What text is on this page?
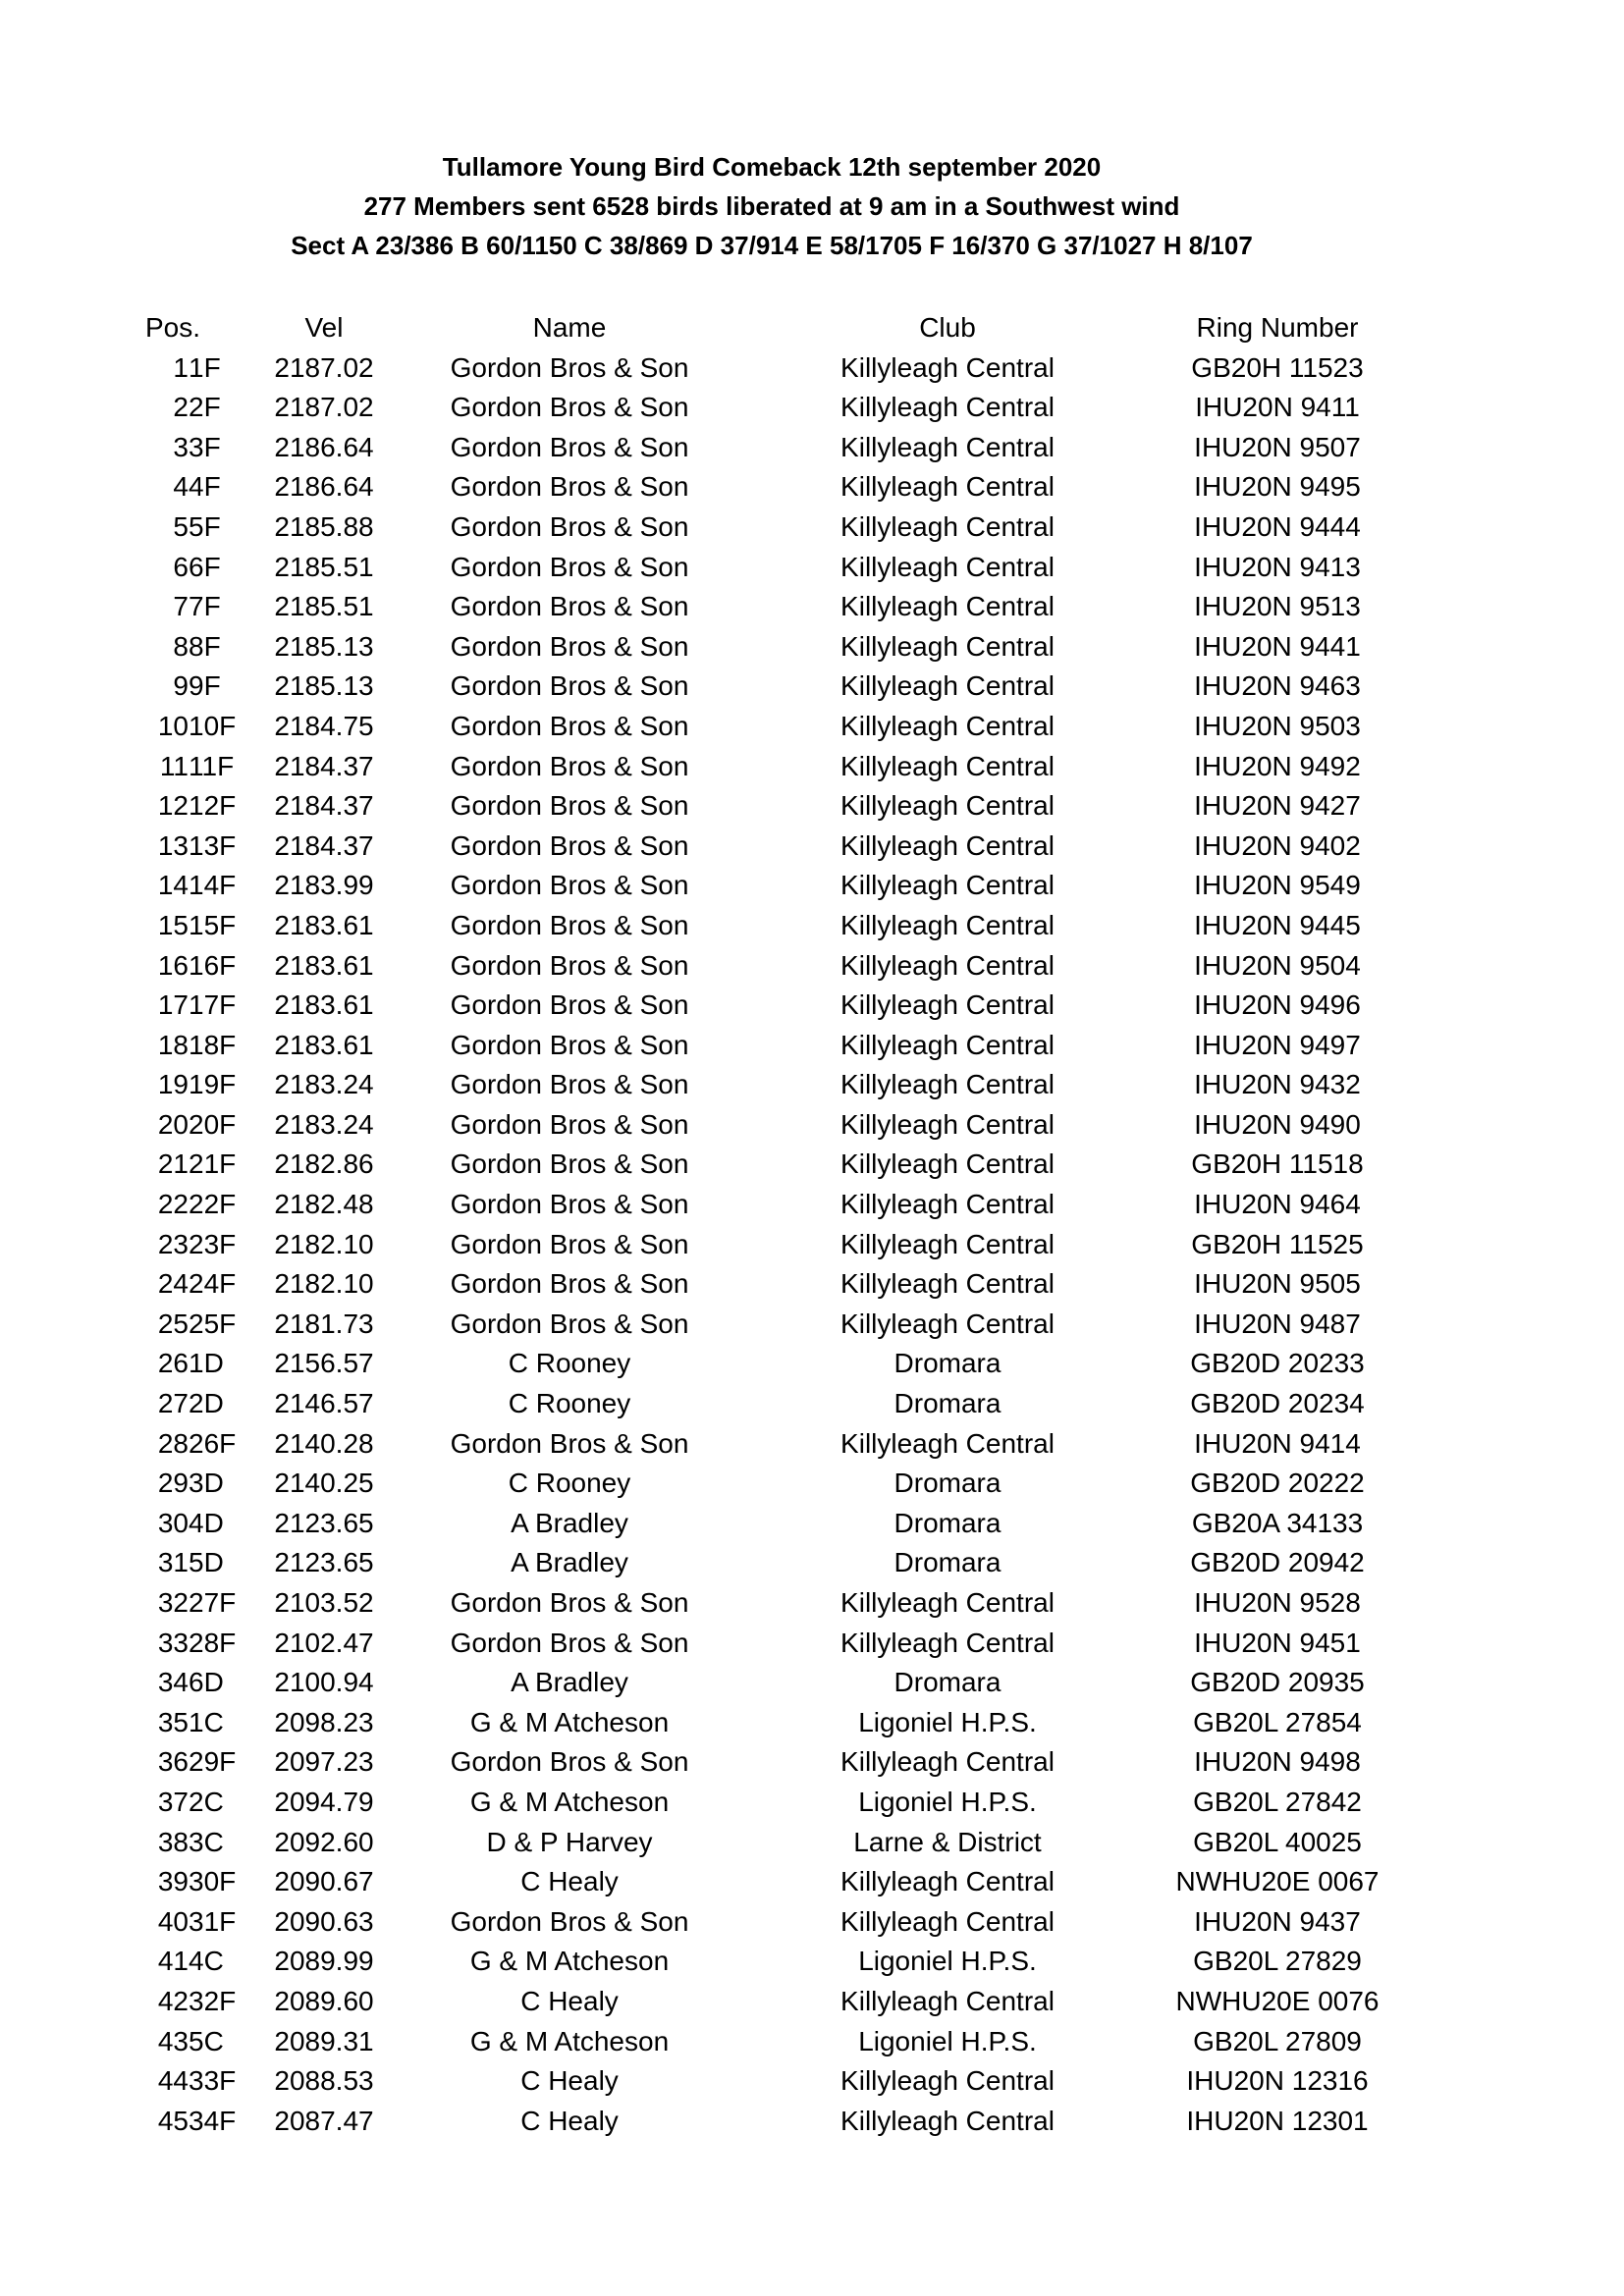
Tullamore Young Bird Comeback 12th september 2020
277 Members sent 6528 birds liberated at 9 am in a Southwest wind
Sect A 23/386 B 60/1150 C 38/869 D 37/914 E 58/1705 F 16/370 G 37/1027 H 8/107
Pos.		Vel	Name	Club	Ring Number
1	1F	2187.02	Gordon Bros & Son	Killyleagh Central	GB20H 11523
2	2F	2187.02	Gordon Bros & Son	Killyleagh Central	IHU20N 9411
3	3F	2186.64	Gordon Bros & Son	Killyleagh Central	IHU20N 9507
4	4F	2186.64	Gordon Bros & Son	Killyleagh Central	IHU20N 9495
5	5F	2185.88	Gordon Bros & Son	Killyleagh Central	IHU20N 9444
6	6F	2185.51	Gordon Bros & Son	Killyleagh Central	IHU20N 9413
7	7F	2185.51	Gordon Bros & Son	Killyleagh Central	IHU20N 9513
8	8F	2185.13	Gordon Bros & Son	Killyleagh Central	IHU20N 9441
9	9F	2185.13	Gordon Bros & Son	Killyleagh Central	IHU20N 9463
10	10F	2184.75	Gordon Bros & Son	Killyleagh Central	IHU20N 9503
11	11F	2184.37	Gordon Bros & Son	Killyleagh Central	IHU20N 9492
12	12F	2184.37	Gordon Bros & Son	Killyleagh Central	IHU20N 9427
13	13F	2184.37	Gordon Bros & Son	Killyleagh Central	IHU20N 9402
14	14F	2183.99	Gordon Bros & Son	Killyleagh Central	IHU20N 9549
15	15F	2183.61	Gordon Bros & Son	Killyleagh Central	IHU20N 9445
16	16F	2183.61	Gordon Bros & Son	Killyleagh Central	IHU20N 9504
17	17F	2183.61	Gordon Bros & Son	Killyleagh Central	IHU20N 9496
18	18F	2183.61	Gordon Bros & Son	Killyleagh Central	IHU20N 9497
19	19F	2183.24	Gordon Bros & Son	Killyleagh Central	IHU20N 9432
20	20F	2183.24	Gordon Bros & Son	Killyleagh Central	IHU20N 9490
21	21F	2182.86	Gordon Bros & Son	Killyleagh Central	GB20H 11518
22	22F	2182.48	Gordon Bros & Son	Killyleagh Central	IHU20N 9464
23	23F	2182.10	Gordon Bros & Son	Killyleagh Central	GB20H 11525
24	24F	2182.10	Gordon Bros & Son	Killyleagh Central	IHU20N 9505
25	25F	2181.73	Gordon Bros & Son	Killyleagh Central	IHU20N 9487
26	1D	2156.57	C Rooney	Dromara	GB20D 20233
27	2D	2146.57	C Rooney	Dromara	GB20D 20234
28	26F	2140.28	Gordon Bros & Son	Killyleagh Central	IHU20N 9414
29	3D	2140.25	C Rooney	Dromara	GB20D 20222
30	4D	2123.65	A Bradley	Dromara	GB20A 34133
31	5D	2123.65	A Bradley	Dromara	GB20D 20942
32	27F	2103.52	Gordon Bros & Son	Killyleagh Central	IHU20N 9528
33	28F	2102.47	Gordon Bros & Son	Killyleagh Central	IHU20N 9451
34	6D	2100.94	A Bradley	Dromara	GB20D 20935
35	1C	2098.23	G & M Atcheson	Ligoniel H.P.S.	GB20L 27854
36	29F	2097.23	Gordon Bros & Son	Killyleagh Central	IHU20N 9498
37	2C	2094.79	G & M Atcheson	Ligoniel H.P.S.	GB20L 27842
38	3C	2092.60	D & P Harvey	Larne & District	GB20L 40025
39	30F	2090.67	C Healy	Killyleagh Central	NWHU20E 0067
40	31F	2090.63	Gordon Bros & Son	Killyleagh Central	IHU20N 9437
41	4C	2089.99	G & M Atcheson	Ligoniel H.P.S.	GB20L 27829
42	32F	2089.60	C Healy	Killyleagh Central	NWHU20E 0076
43	5C	2089.31	G & M Atcheson	Ligoniel H.P.S.	GB20L 27809
44	33F	2088.53	C Healy	Killyleagh Central	IHU20N 12316
45	34F	2087.47	C Healy	Killyleagh Central	IHU20N 12301
